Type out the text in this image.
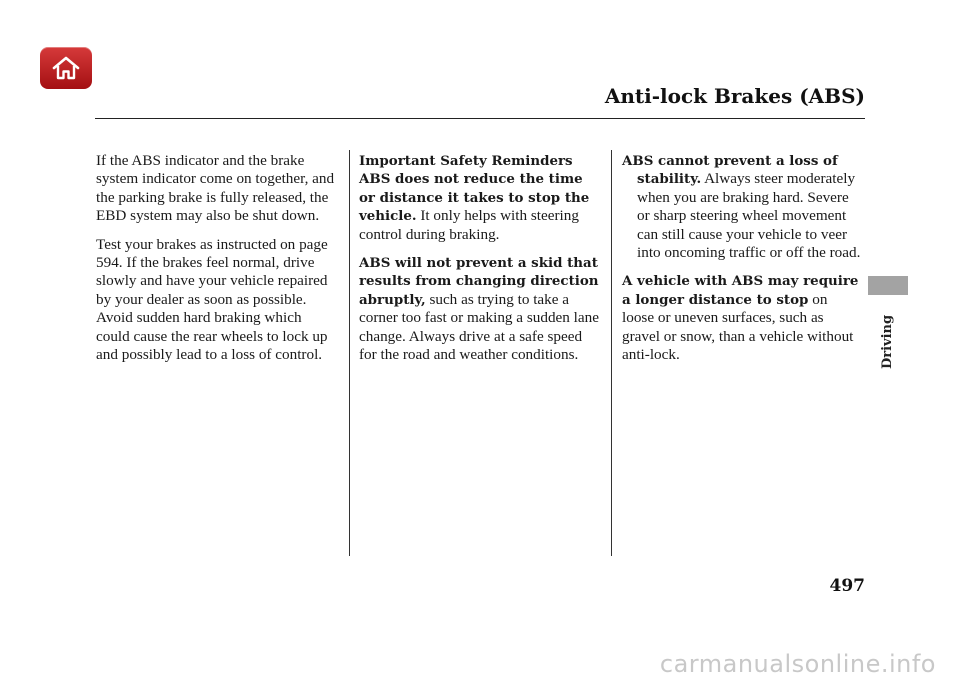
Anti-lock Brakes (ABS)

If the ABS indicator and the brake system indicator come on together, and the parking brake is fully released, the EBD system may also be shut down.

Test your brakes as instructed on page 594. If the brakes feel normal, drive slowly and have your vehicle repaired by your dealer as soon as possible. Avoid sudden hard braking which could cause the rear wheels to lock up and possibly lead to a loss of control.

Important Safety Reminders

ABS does not reduce the time or distance it takes to stop the vehicle. It only helps with steering control during braking.

ABS will not prevent a skid that results from changing direction abruptly, such as trying to take a corner too fast or making a sudden lane change. Always drive at a safe speed for the road and weather conditions.

ABS cannot prevent a loss of stability. Always steer moderately when you are braking hard. Severe or sharp steering wheel movement can still cause your vehicle to veer into oncoming traffic or off the road.

A vehicle with ABS may require a longer distance to stop on loose or uneven surfaces, such as gravel or snow, than a vehicle without anti-lock.	Driving
497
carmanualsonline.info
